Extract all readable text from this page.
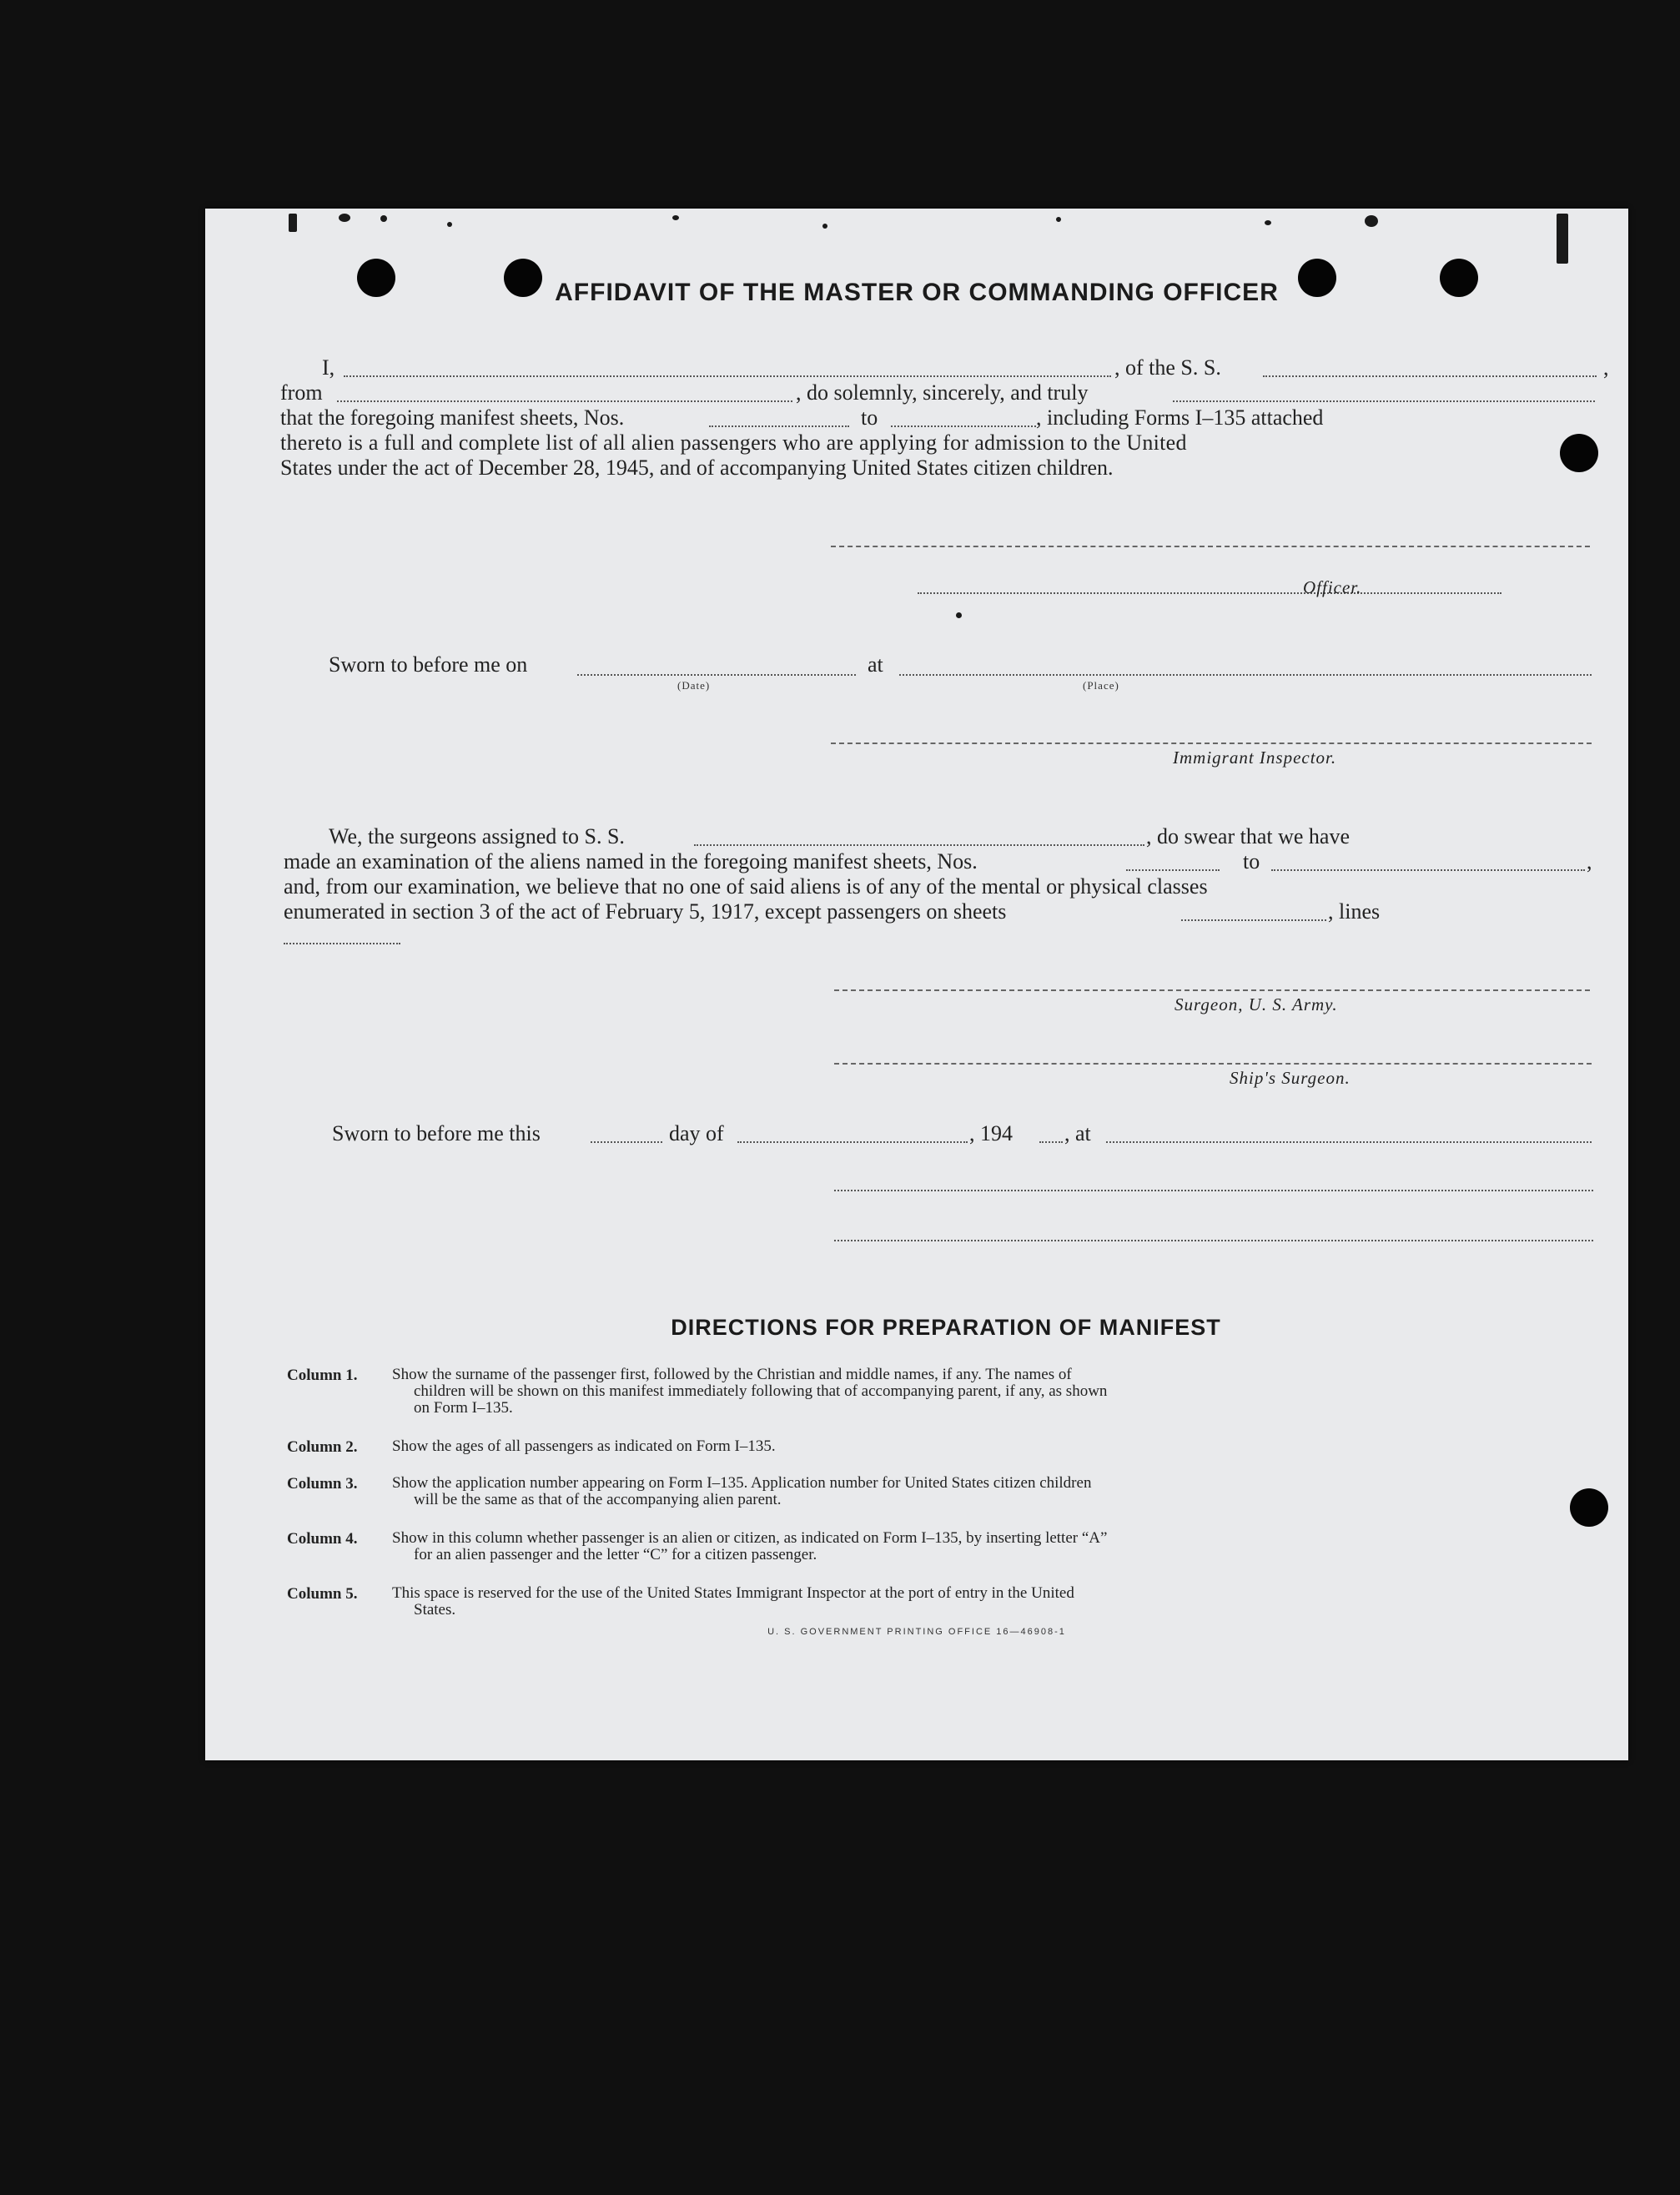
AFFIDAVIT OF THE MASTER OR COMMANDING OFFICER
I,	, of the S. S.	,
from	, do solemnly, sincerely, and truly
that the foregoing manifest sheets, Nos.	to	, including Forms I–135 attached
thereto is a full and complete list of all alien passengers who are applying for admission to the United
States under the act of December 28, 1945, and of accompanying United States citizen children.
Officer.
Sworn to before me on
(Date)
at
(Place)
Immigrant Inspector.
We, the surgeons assigned to S. S.	, do swear that we have
made an examination of the aliens named in the foregoing manifest sheets, Nos.	to	,
and, from our examination, we believe that no one of said aliens is of any of the mental or physical classes
enumerated in section 3 of the act of February 5, 1917, except passengers on sheets	, lines
Surgeon, U. S. Army.
Ship's Surgeon.
Sworn to before me this	day of	, 194 , at
DIRECTIONS FOR PREPARATION OF MANIFEST
Column 1. Show the surname of the passenger first, followed by the Christian and middle names, if any. The names of

children will be shown on this manifest immediately following that of accompanying parent, if any, as shown
on Form I–135.
Column 2. Show the ages of all passengers as indicated on Form I–135.
Column 3. Show the application number appearing on Form I–135. Application number for United States citizen children

will be the same as that of the accompanying alien parent.
Column 4. Show in this column whether passenger is an alien or citizen, as indicated on Form I–135, by inserting letter “A”

for an alien passenger and the letter “C” for a citizen passenger.
Column 5. This space is reserved for the use of the United States Immigrant Inspector at the port of entry in the United

States.
U. S. GOVERNMENT PRINTING OFFICE 16—46908-1
